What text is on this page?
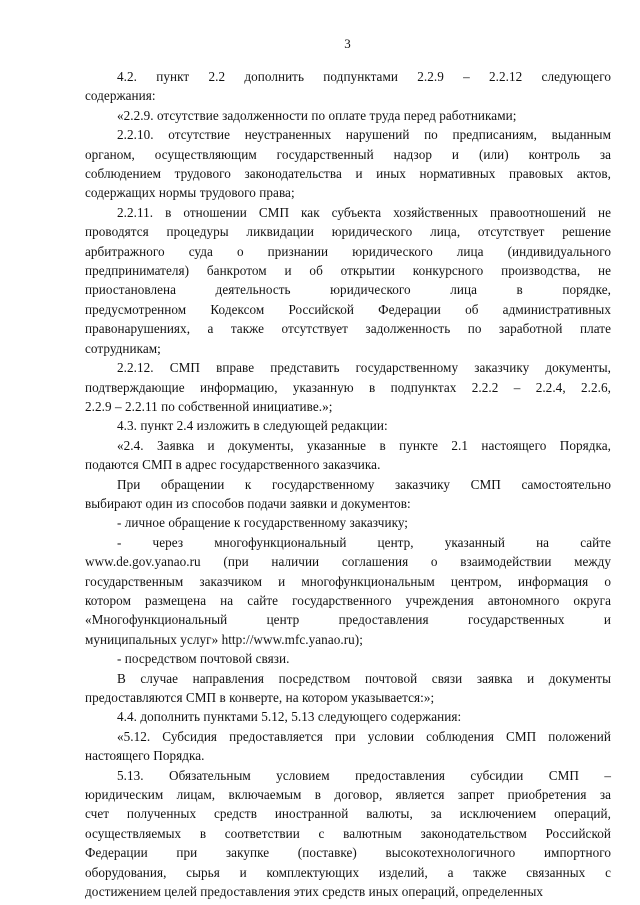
3

4.2. пункт 2.2 дополнить подпунктами 2.2.9 – 2.2.12 следующего
содержания:

«2.2.9. отсутствие задолженности по оплате труда перед работниками;

2.2.10. отсутствие неустраненных нарушений по предписаниям, выданным
органом, осуществляющим государственный надзор и (или) контроль за
соблюдением трудового законодательства и иных нормативных правовых актов,
содержащих нормы трудового права;

2.2.11. в отношении СМП как субъекта хозяйственных правоотношений не
проводятся процедуры ликвидации юридического лица, отсутствует решение
арбитражного суда о признании юридического лица (индивидуального
предпринимателя) банкротом и об открытии конкурсного производства, не
приостановлена деятельность юридического лица в порядке,
предусмотренном Кодексом Российской Федерации об административных
правонарушениях, а также отсутствует задолженность по заработной плате
сотрудникам;

2.2.12. СМП вправе представить государственному заказчику документы,
подтверждающие информацию, указанную в подпунктах 2.2.2 – 2.2.4, 2.2.6,
2.2.9 – 2.2.11 по собственной инициативе.»;

4.3. пункт 2.4 изложить в следующей редакции:

«2.4. Заявка и документы, указанные в пункте 2.1 настоящего Порядка,
подаются СМП в адрес государственного заказчика.

При обращении к государственному заказчику СМП самостоятельно
выбирают один из способов подачи заявки и документов:

- личное обращение к государственному заказчику;

- через многофункциональный центр, указанный на сайте
www.de.gov.yanao.ru (при наличии соглашения о взаимодействии между
государственным заказчиком и многофункциональным центром, информация о
котором размещена на сайте государственного учреждения автономного округа
«Многофункциональный центр предоставления государственных и
муниципальных услуг» http://www.mfc.yanao.ru);

- посредством почтовой связи.

В случае направления посредством почтовой связи заявка и документы
предоставляются СМП в конверте, на котором указывается:»;

4.4. дополнить пунктами 5.12, 5.13 следующего содержания:

«5.12. Субсидия предоставляется при условии соблюдения СМП положений
настоящего Порядка.

5.13. Обязательным условием предоставления субсидии СМП –
юридическим лицам, включаемым в договор, является запрет приобретения за
счет полученных средств иностранной валюты, за исключением операций,
осуществляемых в соответствии с валютным законодательством Российской
Федерации при закупке (поставке) высокотехнологичного импортного
оборудования, сырья и комплектующих изделий, а также связанных с
достижением целей предоставления этих средств иных операций, определенных
